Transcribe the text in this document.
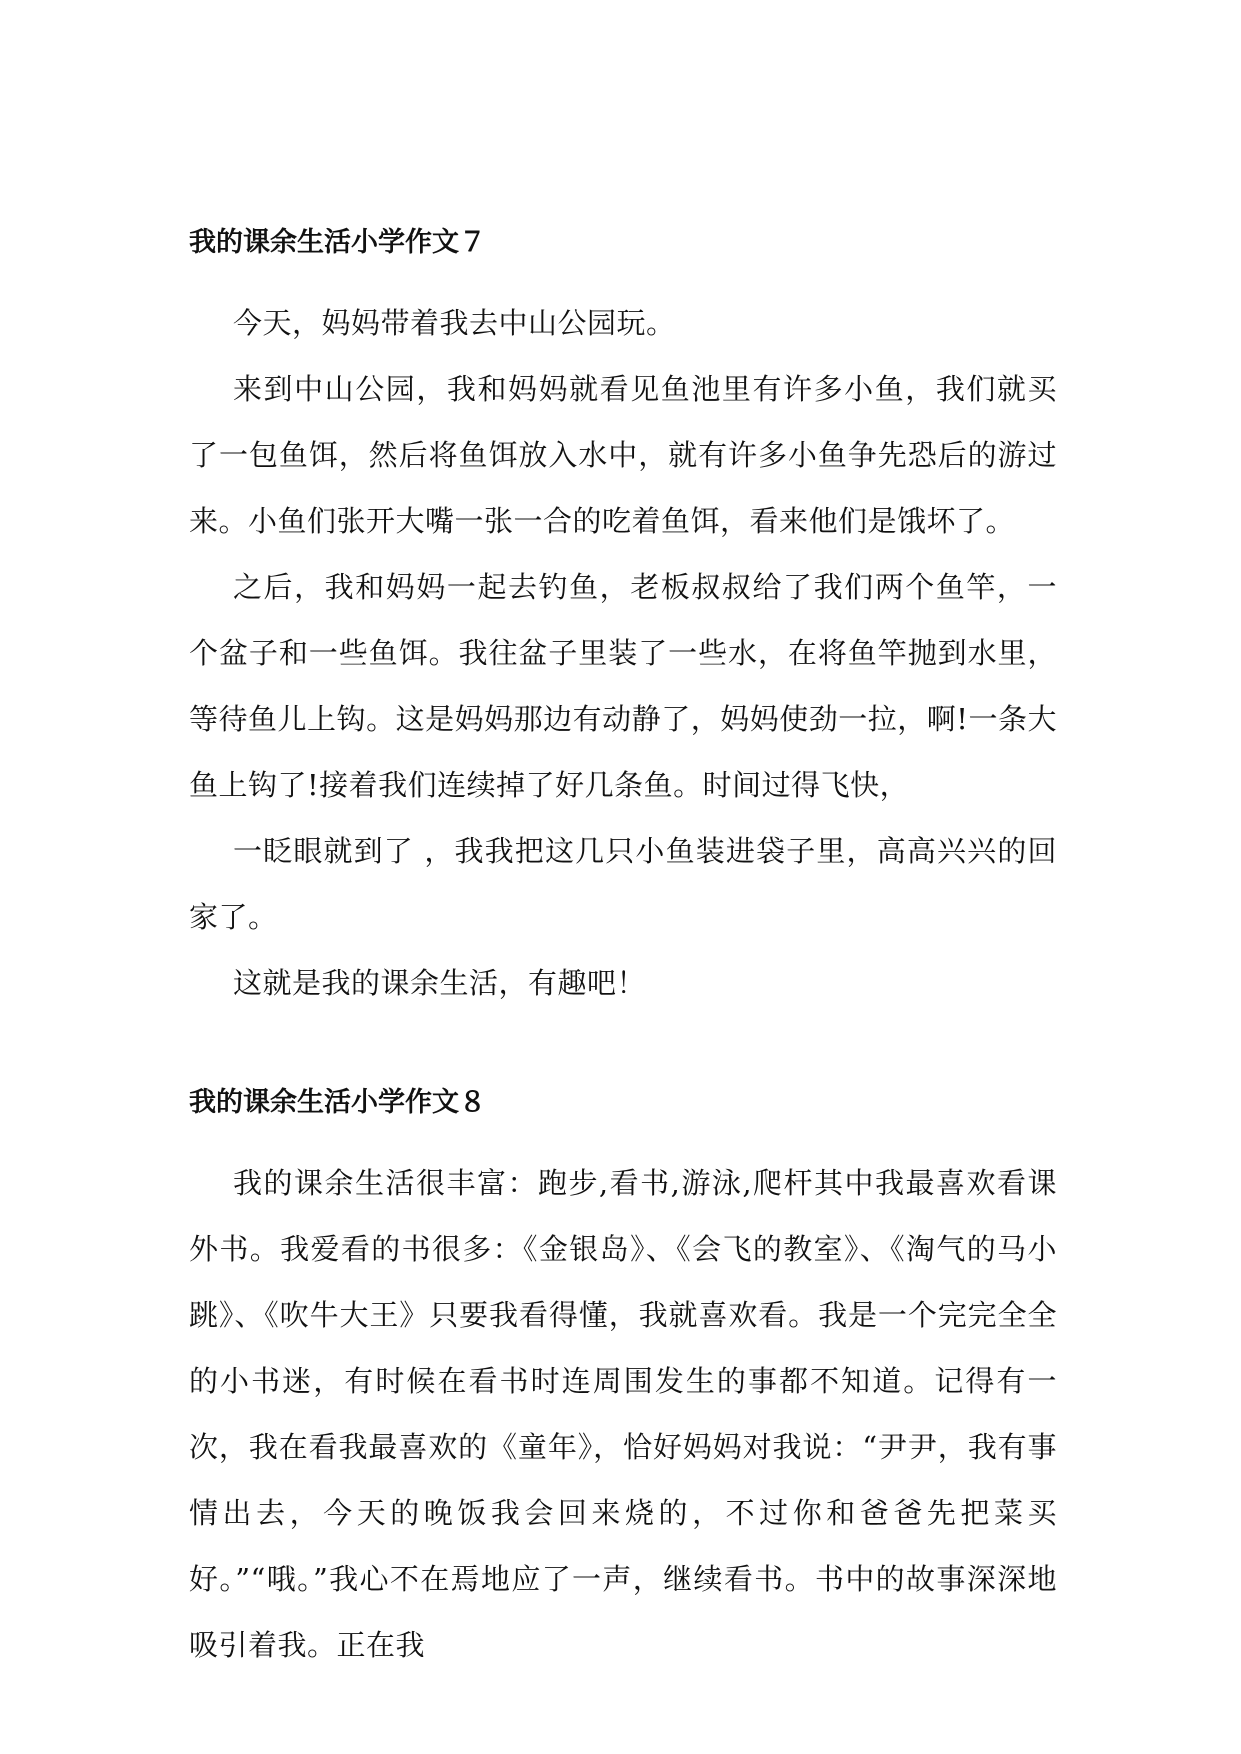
我的课余生活小学作文７

今天，妈妈带着我去中山公园玩。

来到中山公园，我和妈妈就看见鱼池里有许多小鱼，我们就买了一包鱼饵，然后将鱼饵放入水中，就有许多小鱼争先恐后的游过来。小鱼们张开大嘴一张一合的吃着鱼饵，看来他们是饿坏了。

之后，我和妈妈一起去钓鱼，老板叔叔给了我们两个鱼竿，一个盆子和一些鱼饵。我往盆子里装了一些水，在将鱼竿抛到水里，等待鱼儿上钩。这是妈妈那边有动静了，妈妈使劲一拉，啊!一条大鱼上钩了!接着我们连续掉了好几条鱼。时间过得飞快，

一眨眼就到了 ，我我把这几只小鱼装进袋子里，高高兴兴的回家了。

这就是我的课余生活，有趣吧！

我的课余生活小学作文８

我的课余生活很丰富：跑步,看书,游泳,爬杆其中我最喜欢看课外书。我爱看的书很多：《金银岛》、《会飞的教室》、《淘气的马小跳》、《吹牛大王》只要我看得懂，我就喜欢看。我是一个完完全全的小书迷，有时候在看书时连周围发生的事都不知道。记得有一次，我在看我最喜欢的《童年》，恰好妈妈对我说：“尹尹，我有事情出去，今天的晚饭我会回来烧的，不过你和爸爸先把菜买好。”“哦。”我心不在焉地应了一声，继续看书。书中的故事深深地吸引着我。正在我
